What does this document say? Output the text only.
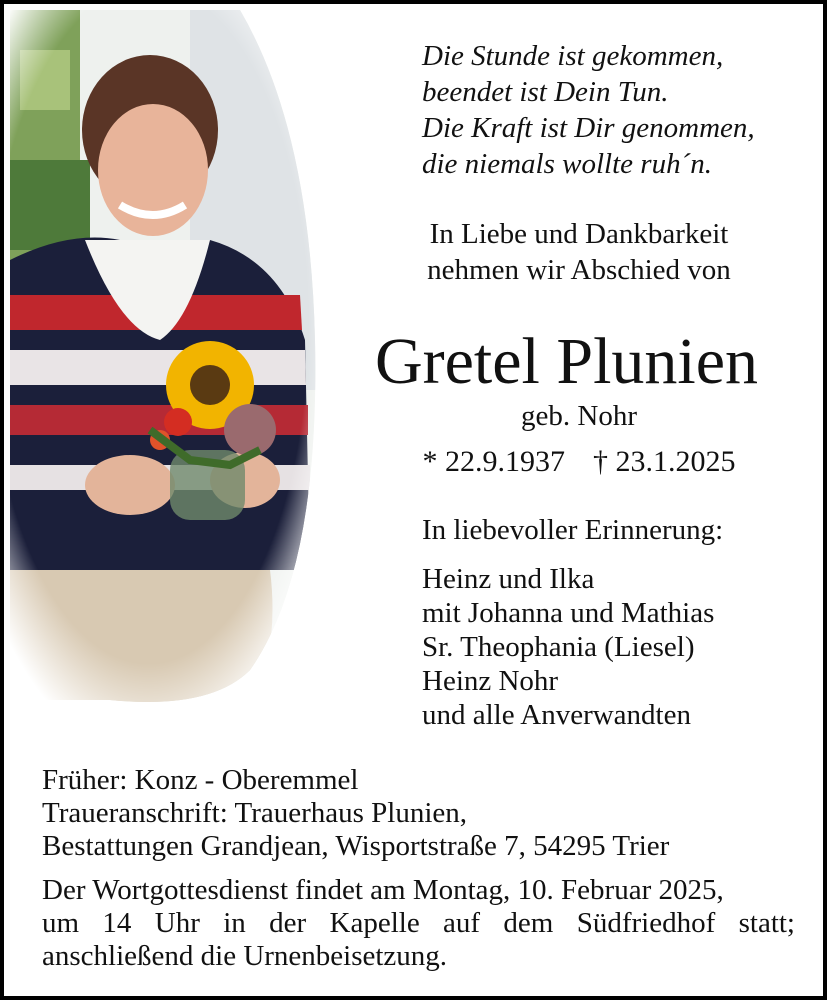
Die Stunde ist gekommen,
beendet ist Dein Tun.
Die Kraft ist Dir genommen,
die niemals wollte ruh´n.
In Liebe und Dankbarkeit
nehmen wir Abschied von
Gretel Plunien
geb. Nohr
* 22.9.1937 † 23.1.2025
In liebevoller Erinnerung:
Heinz und Ilka
mit Johanna und Mathias
Sr. Theophania (Liesel)
Heinz Nohr
und alle Anverwandten
Früher: Konz - Oberemmel
Traueranschrift: Trauerhaus Plunien,
Bestattungen Grandjean, Wisportstraße 7, 54295 Trier
Der Wortgottesdienst findet am Montag, 10. Februar 2025,
um 14 Uhr in der Kapelle auf dem Südfriedhof statt;
anschließend die Urnenbeisetzung.
